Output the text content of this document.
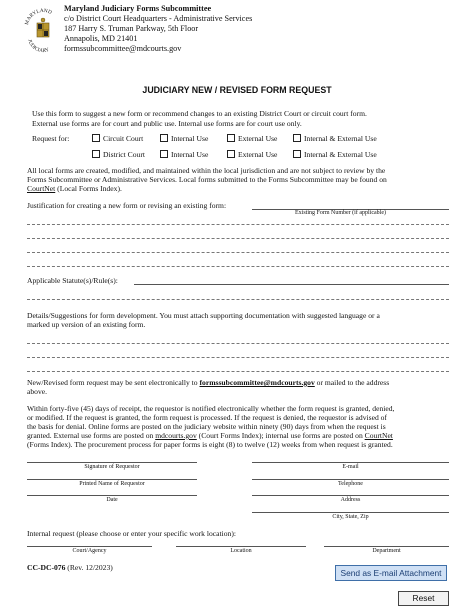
MARYLAND
JUDICIARY
Maryland Judiciary Forms Subcommittee
c/o District Court Headquarters - Administrative Services
187 Harry S. Truman Parkway, 5th Floor
Annapolis, MD 21401
formssubcommittee@mdcourts.gov
JUDICIARY NEW / REVISED FORM REQUEST
Use this form to suggest a new form or recommend changes to an existing District Court or circuit court form.
External use forms are for court and public use. Internal use forms are for court use only.
Request for:	Circuit Court	Internal Use	External Use	Internal & External Use
District Court	Internal Use	External Use	Internal & External Use
All local forms are created, modified, and maintained within the local jurisdiction and are not subject to review by the
Forms Subcommittee or Administrative Services. Local forms submitted to the Forms Subcommittee may be found on
CourtNet (Local Forms Index).
Justification for creating a new form or revising an existing form:
Existing Form Number (if applicable)
Applicable Statute(s)/Rule(s):
Details/Suggestions for form development. You must attach supporting documentation with suggested language or a
marked up version of an existing form.
New/Revised form request may be sent electronically to formssubcommittee@mdcourts.gov or mailed to the address
above.
Within forty-five (45) days of receipt, the requestor is notified electronically whether the form request is granted, denied,
or modified. If the request is granted, the form request is processed. If the request is denied, the requestor is advised of
the basis for denial. Online forms are posted on the judiciary website within ninety (90) days from when the request is
granted. External use forms are posted on mdcourts.gov (Court Forms Index); internal use forms are posted on CourtNet
(Forms Index). The procurement process for paper forms is eight (8) to twelve (12) weeks from when request is granted.
Signature of Requestor	E-mail
Printed Name of Requestor	Telephone
Date	Address
City, State, Zip
Internal request (please choose or enter your specific work location):
Court/Agency	Location	Department
CC-DC-076 (Rev. 12/2023)
Send as E-mail Attachment
Reset
